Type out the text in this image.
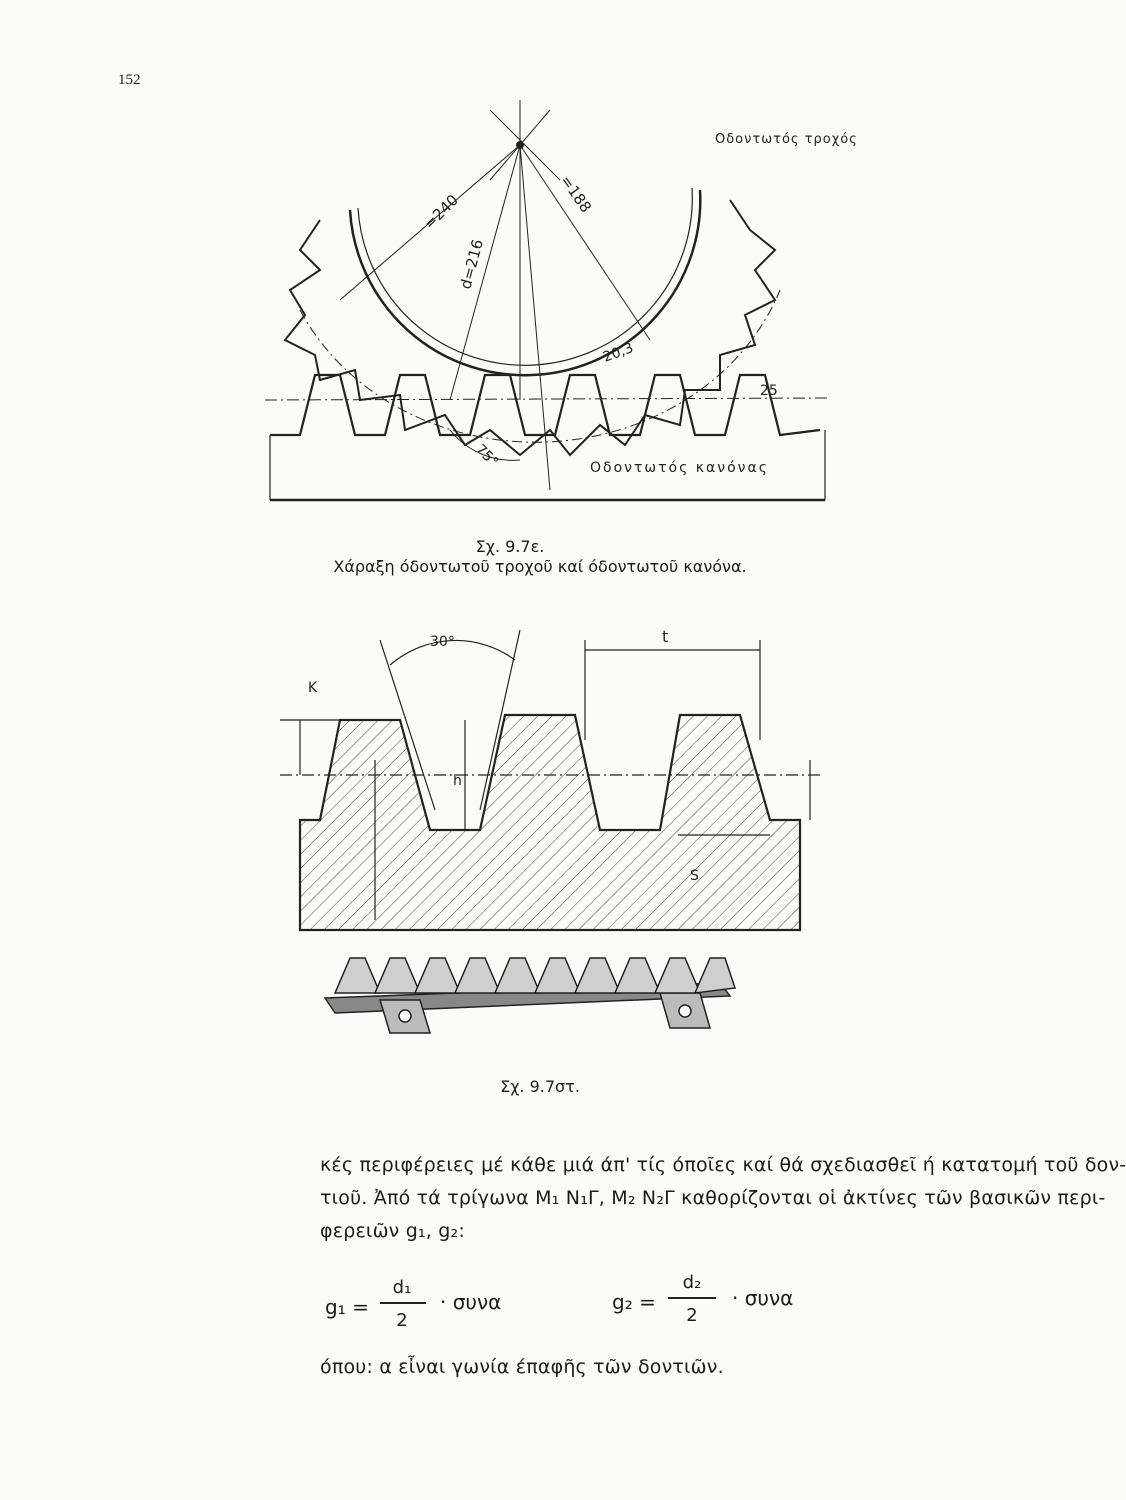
152
=240
d=216
=188
20,3
25
75°
Οδοντωτός τροχός
Οδοντωτός κανόνας
Σχ. 9.7ε.
Χάραξη όδοντωτοῦ τροχοῦ καί όδοντωτοῦ κανόνα.
30°	t
K
h
S
Σχ. 9.7στ.
κές περιφέρειες μέ κάθε μιά άπ' τίς όποῖες καί θά σχεδιασθεῖ ή κατατομή τοῦ δον-
τιοῦ. Ἀπό τά τρίγωνα Μ₁ Ν₁Γ, Μ₂ Ν₂Γ καθορίζονται οἱ ἀκτίνες τῶν βασικῶν περι-
φερειῶν g₁, g₂:
g₁ =
d₁
2
· συνα	g₂ =
d₂
2
· συνα
όπου: α εἶναι γωνία έπαφῆς τῶν δοντιῶν.
